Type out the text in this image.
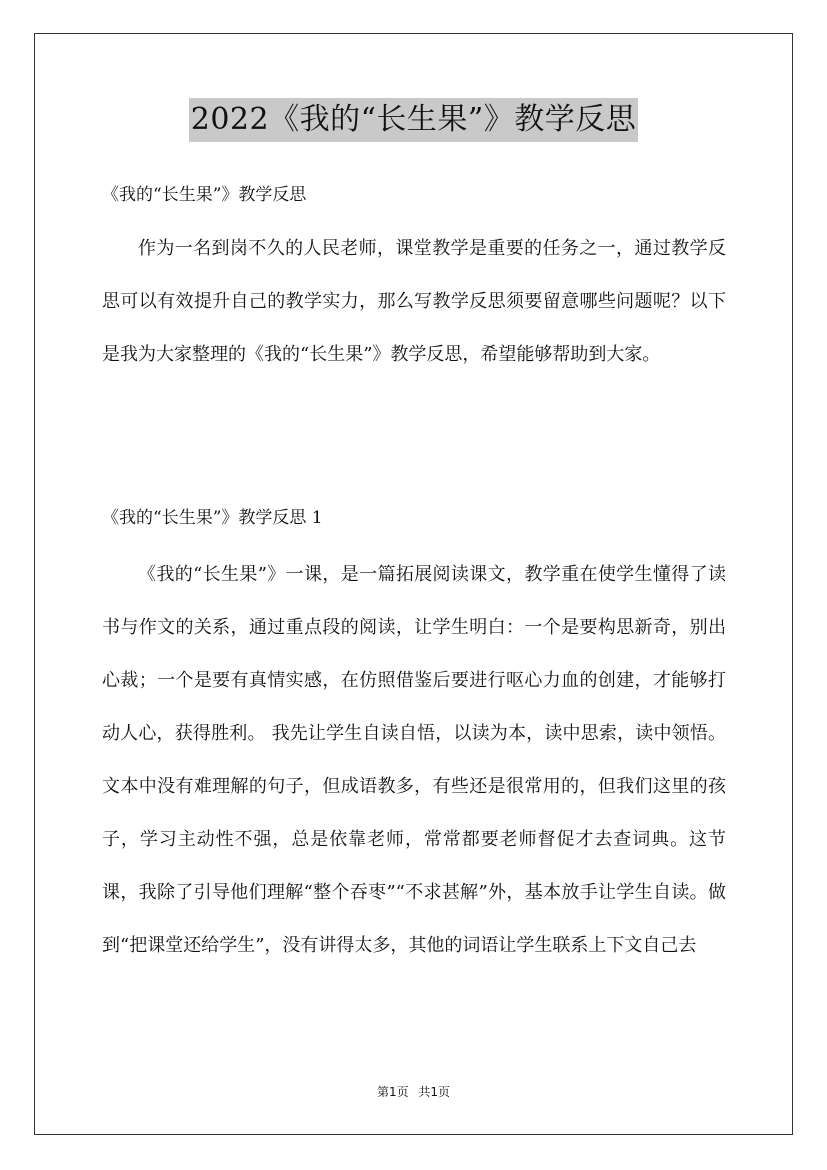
2022《我的“长生果”》教学反思
《我的“长生果”》教学反思

作为一名到岗不久的人民老师，课堂教学是重要的任务之一，通过教学反思可以有效提升自己的教学实力，那么写教学反思须要留意哪些问题呢？以下是我为大家整理的《我的“长生果”》教学反思，希望能够帮助到大家。

《我的“长生果”》教学反思 1

《我的“长生果”》一课，是一篇拓展阅读课文，教学重在使学生懂得了读书与作文的关系，通过重点段的阅读，让学生明白：一个是要构思新奇，别出心裁；一个是要有真情实感，在仿照借鉴后要进行呕心力血的创建，才能够打动人心，获得胜利。 我先让学生自读自悟，以读为本，读中思索，读中领悟。文本中没有难理解的句子，但成语教多，有些还是很常用的，但我们这里的孩子，学习主动性不强，总是依靠老师，常常都要老师督促才去查词典。这节课，我除了引导他们理解“整个吞枣”“不求甚解”外，基本放手让学生自读。做到“把课堂还给学生”，没有讲得太多，其他的词语让学生联系上下文自己去

第1页 共1页
